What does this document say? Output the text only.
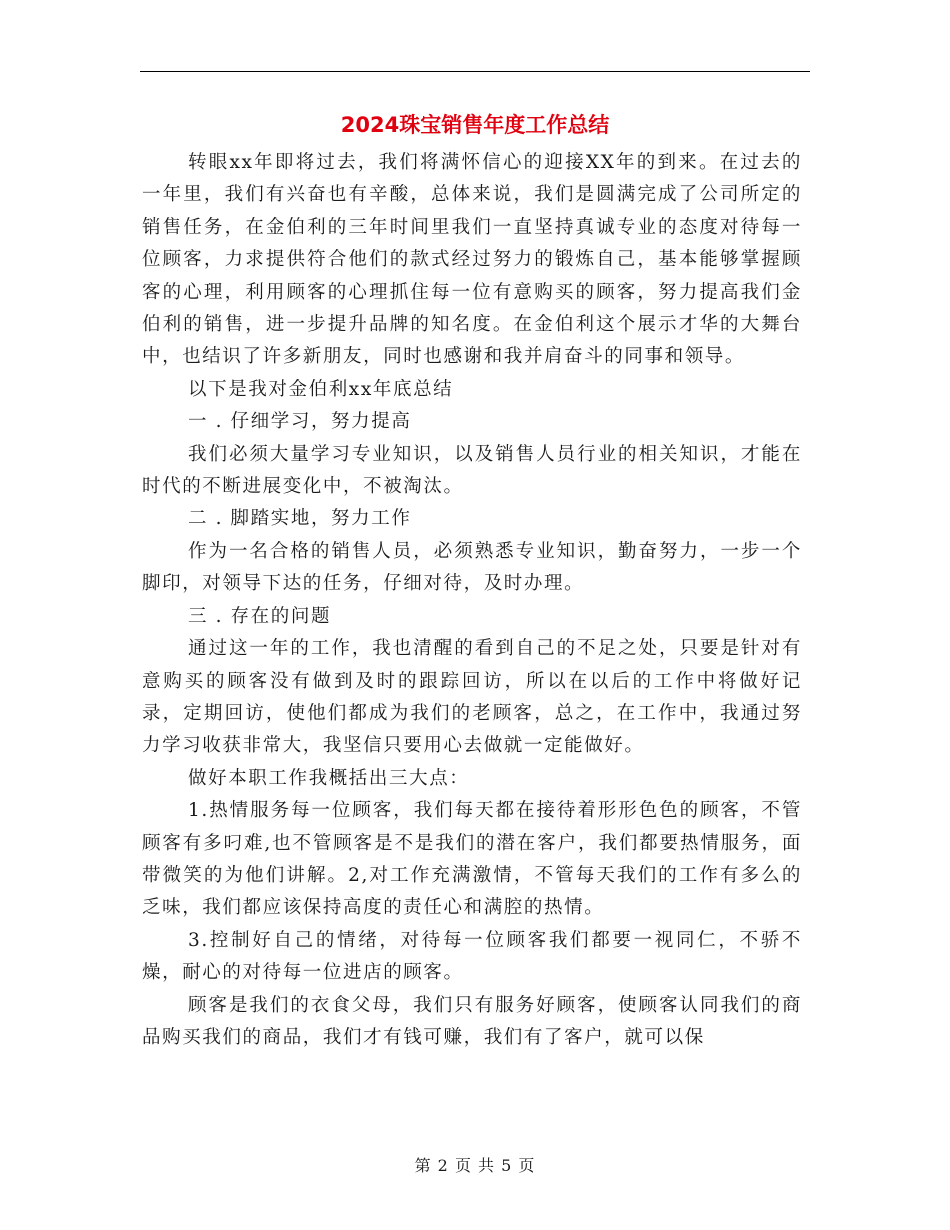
2024珠宝销售年度工作总结

转眼xx年即将过去，我们将满怀信心的迎接XX年的到来。在过去的一年里，我们有兴奋也有辛酸，总体来说，我们是圆满完成了公司所定的销售任务，在金伯利的三年时间里我们一直坚持真诚专业的态度对待每一位顾客，力求提供符合他们的款式经过努力的锻炼自己，基本能够掌握顾客的心理，利用顾客的心理抓住每一位有意购买的顾客，努力提高我们金伯利的销售，进一步提升品牌的知名度。在金伯利这个展示才华的大舞台中，也结识了许多新朋友，同时也感谢和我并肩奋斗的同事和领导。

以下是我对金伯利xx年底总结

一 . 仔细学习，努力提高

我们必须大量学习专业知识，以及销售人员行业的相关知识，才能在 时代的不断进展变化中，不被淘汰。

二 . 脚踏实地，努力工作

作为一名合格的销售人员，必须熟悉专业知识，勤奋努力，一步一个脚印，对领导下达的任务，仔细对待，及时办理。

三 . 存在的问题

通过这一年的工作，我也清醒的看到自己的不足之处，只要是针对有意购买的顾客没有做到及时的跟踪回访，所以在以后的工作中将做好记录，定期回访，使他们都成为我们的老顾客，总之，在工作中，我通过努力学习收获非常大，我坚信只要用心去做就一定能做好。

做好本职工作我概括出三大点：

1.热情服务每一位顾客，我们每天都在接待着形形色色的顾客，不管顾客有多叼难,也不管顾客是不是我们的潜在客户，我们都要热情服务，面带微笑的为他们讲解。2,对工作充满激情，不管每天我们的工作有多么的乏味，我们都应该保持高度的责任心和满腔的热情。

3.控制好自己的情绪，对待每一位顾客我们都要一视同仁，不骄不燥，耐心的对待每一位进店的顾客。

顾客是我们的衣食父母，我们只有服务好顾客，使顾客认同我们的商品购买我们的商品，我们才有钱可赚，我们有了客户，就可以保

第 2 页 共 5 页
